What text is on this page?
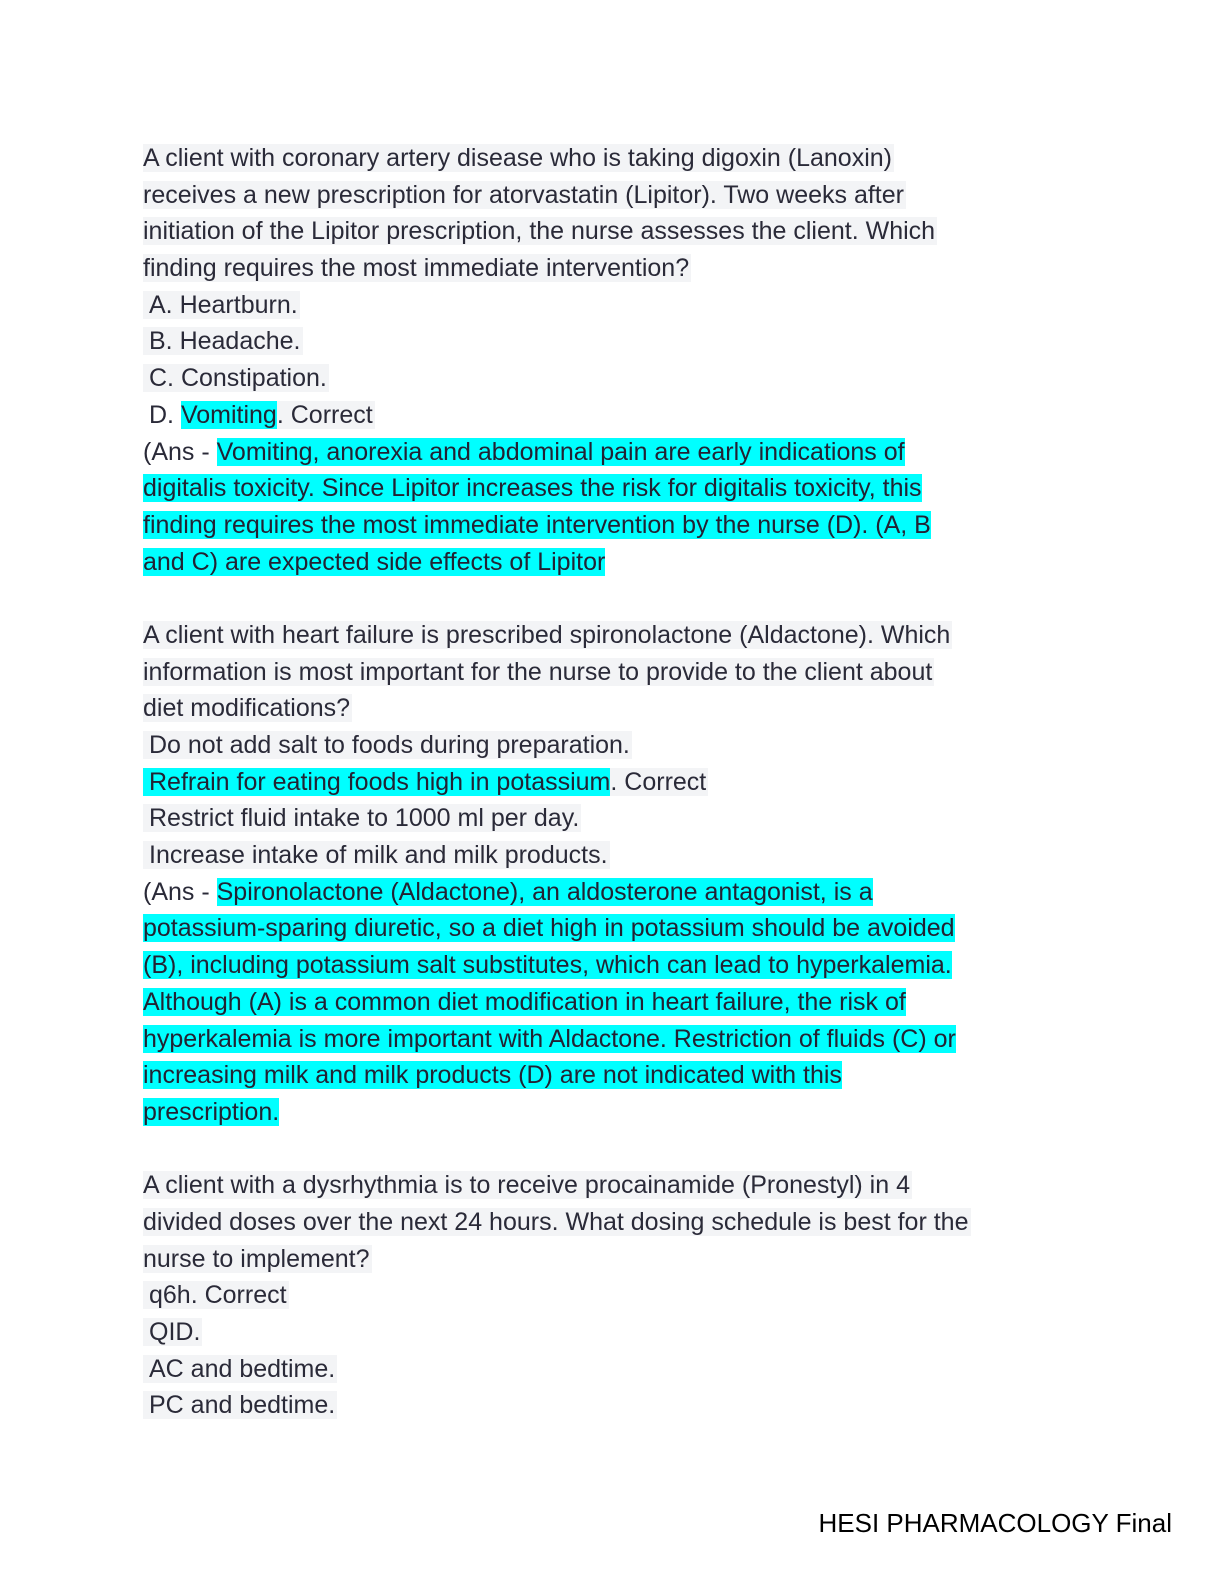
A client with coronary artery disease who is taking digoxin (Lanoxin)
receives a new prescription for atorvastatin (Lipitor). Two weeks after
initiation of the Lipitor prescription, the nurse assesses the client. Which
finding requires the most immediate intervention?
A. Heartburn.
B. Headache.
C. Constipation.
D. Vomiting. Correct
(Ans - Vomiting, anorexia and abdominal pain are early indications of
digitalis toxicity. Since Lipitor increases the risk for digitalis toxicity, this
finding requires the most immediate intervention by the nurse (D). (A, B
and C) are expected side effects of Lipitor
A client with heart failure is prescribed spironolactone (Aldactone). Which
information is most important for the nurse to provide to the client about
diet modifications?
Do not add salt to foods during preparation.
Refrain for eating foods high in potassium. Correct
Restrict fluid intake to 1000 ml per day.
Increase intake of milk and milk products.
(Ans - Spironolactone (Aldactone), an aldosterone antagonist, is a
potassium-sparing diuretic, so a diet high in potassium should be avoided
(B), including potassium salt substitutes, which can lead to hyperkalemia.
Although (A) is a common diet modification in heart failure, the risk of
hyperkalemia is more important with Aldactone. Restriction of fluids (C) or
increasing milk and milk products (D) are not indicated with this
prescription.
A client with a dysrhythmia is to receive procainamide (Pronestyl) in 4
divided doses over the next 24 hours. What dosing schedule is best for the
nurse to implement?
q6h. Correct
QID.
AC and bedtime.
PC and bedtime.
HESI PHARMACOLOGY Final
